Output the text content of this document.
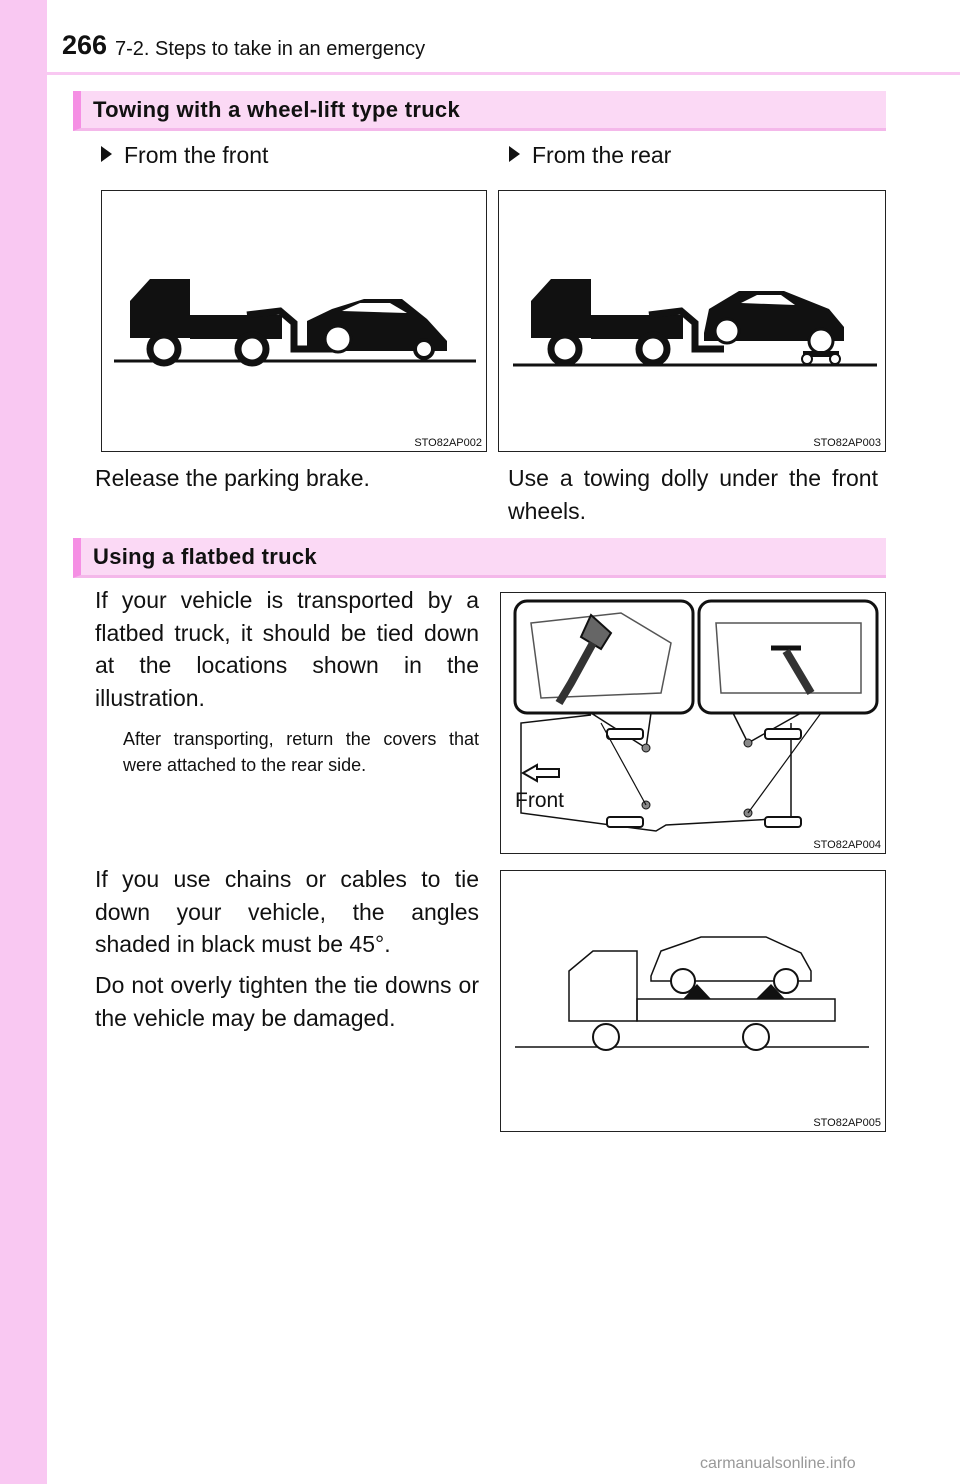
266 7-2. Steps to take in an emergency
Towing with a wheel-lift type truck
From the front	From the rear
STO82AP002	STO82AP003
Release the parking brake.	Use a towing dolly under the front wheels.
Using a flatbed truck
If your vehicle is transported by a flatbed truck, it should be tied down at the locations shown in the illustration.
After transporting, return the covers that were attached to the rear side.
Front
STO82AP004
If you use chains or cables to tie down your vehicle, the angles shaded in black must be 45°.
Do not overly tighten the tie downs or the vehicle may be damaged.
STO82AP005
carmanualsonline.info
